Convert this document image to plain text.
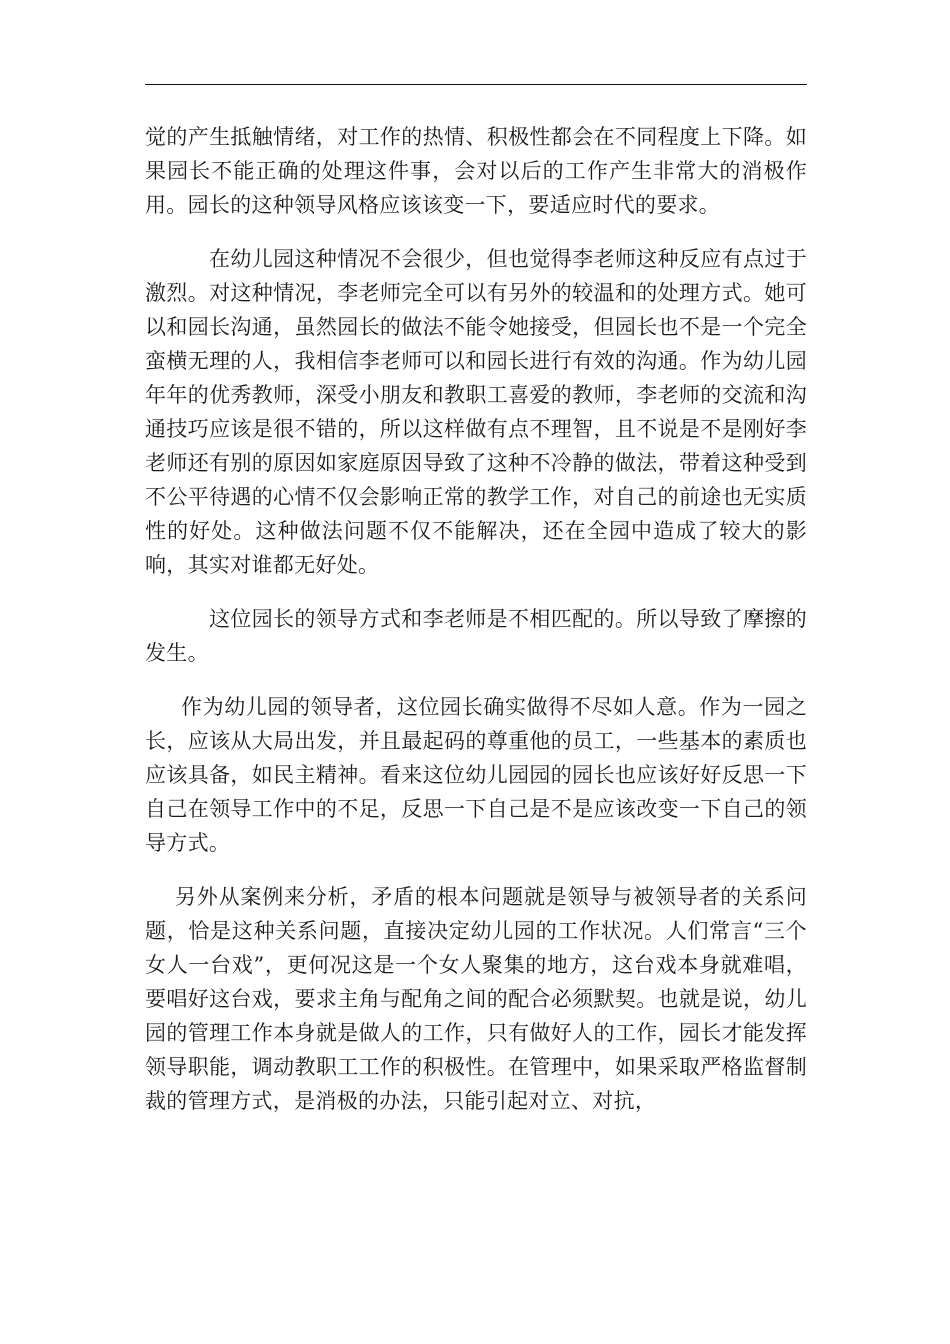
觉的产生抵触情绪，对工作的热情、积极性都会在不同程度上下降。如果园长不能正确的处理这件事，会对以后的工作产生非常大的消极作用。园长的这种领导风格应该该变一下，要适应时代的要求。

在幼儿园这种情况不会很少，但也觉得李老师这种反应有点过于激烈。对这种情况，李老师完全可以有另外的较温和的处理方式。她可以和园长沟通，虽然园长的做法不能令她接受，但园长也不是一个完全蛮横无理的人，我相信李老师可以和园长进行有效的沟通。作为幼儿园年年的优秀教师，深受小朋友和教职工喜爱的教师，李老师的交流和沟通技巧应该是很不错的，所以这样做有点不理智，且不说是不是刚好李老师还有别的原因如家庭原因导致了这种不冷静的做法，带着这种受到不公平待遇的心情不仅会影响正常的教学工作，对自己的前途也无实质性的好处。这种做法问题不仅不能解决，还在全园中造成了较大的影响，其实对谁都无好处。

这位园长的领导方式和李老师是不相匹配的。所以导致了摩擦的发生。

作为幼儿园的领导者，这位园长确实做得不尽如人意。作为一园之长，应该从大局出发，并且最起码的尊重他的员工，一些基本的素质也应该具备，如民主精神。看来这位幼儿园园的园长也应该好好反思一下自己在领导工作中的不足，反思一下自己是不是应该改变一下自己的领导方式。

另外从案例来分析，矛盾的根本问题就是领导与被领导者的关系问题，恰是这种关系问题，直接决定幼儿园的工作状况。人们常言“三个女人一台戏”，更何况这是一个女人聚集的地方，这台戏本身就难唱，要唱好这台戏，要求主角与配角之间的配合必须默契。也就是说，幼儿园的管理工作本身就是做人的工作，只有做好人的工作，园长才能发挥领导职能，调动教职工工作的积极性。在管理中，如果采取严格监督制裁的管理方式，是消极的办法，只能引起对立、对抗，
